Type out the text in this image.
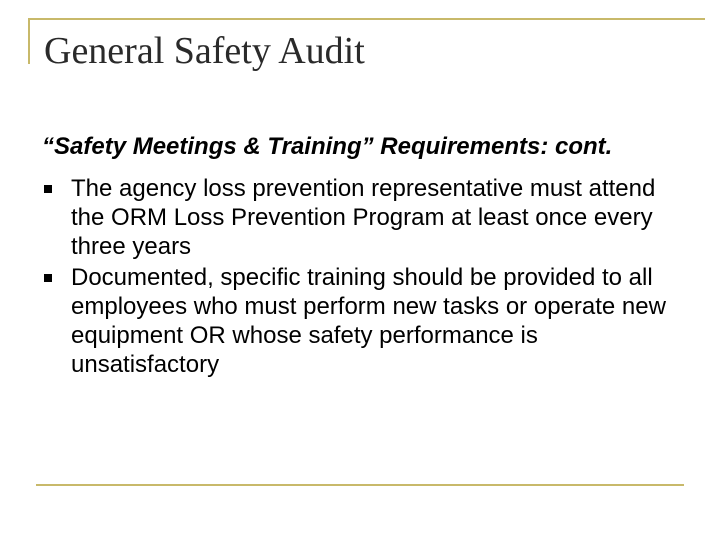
General Safety Audit

“Safety Meetings & Training” Requirements: cont.

The agency loss prevention representative must attend the ORM Loss Prevention Program at least once every three years
Documented, specific training should be provided to all employees who must perform new tasks or operate new equipment OR whose safety performance is unsatisfactory
